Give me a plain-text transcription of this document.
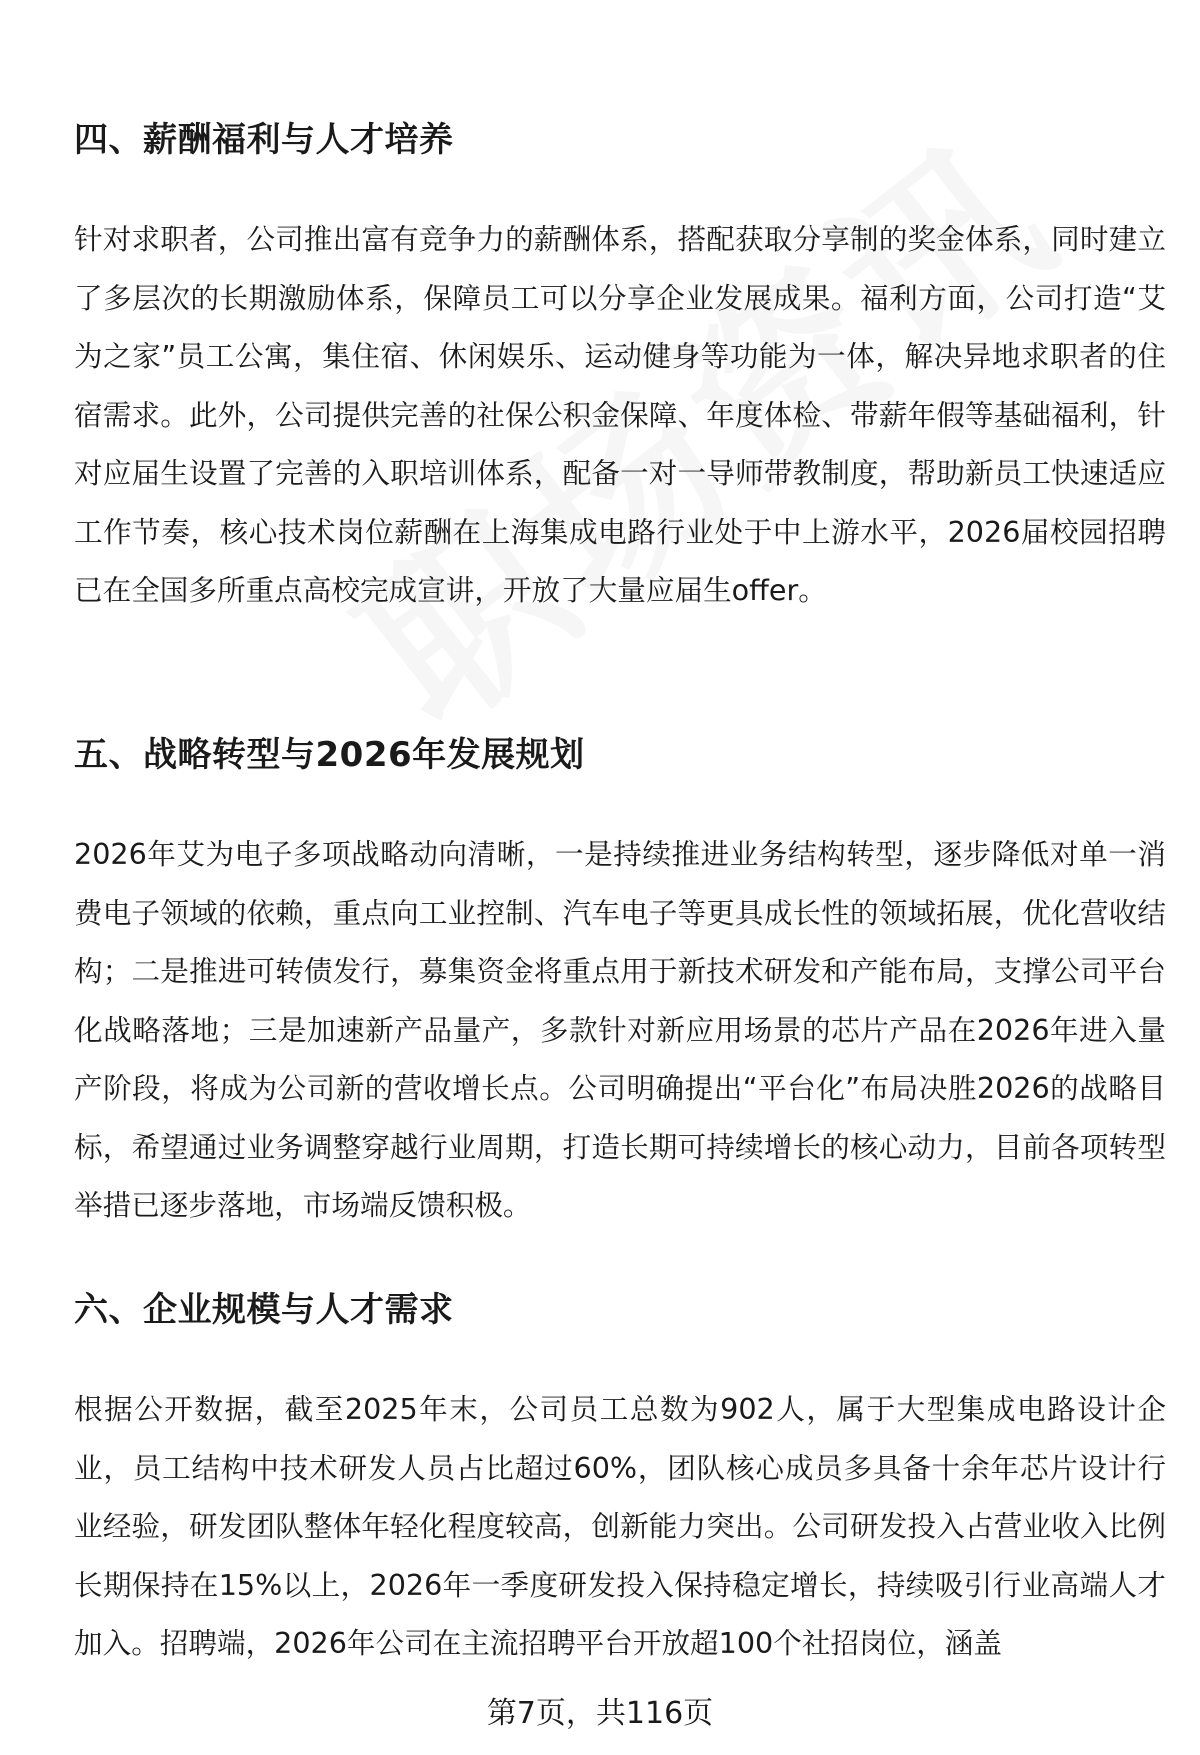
四、薪酬福利与人才培养

针对求职者，公司推出富有竞争力的薪酬体系，搭配获取分享制的奖金体系，同时建立了多层次的长期激励体系，保障员工可以分享企业发展成果。福利方面，公司打造“艾为之家”员工公寓，集住宿、休闲娱乐、运动健身等功能为一体，解决异地求职者的住宿需求。此外，公司提供完善的社保公积金保障、年度体检、带薪年假等基础福利，针对应届生设置了完善的入职培训体系，配备一对一导师带教制度，帮助新员工快速适应工作节奏，核心技术岗位薪酬在上海集成电路行业处于中上游水平，2026届校园招聘已在全国多所重点高校完成宣讲，开放了大量应届生offer。

五、战略转型与2026年发展规划

2026年艾为电子多项战略动向清晰，一是持续推进业务结构转型，逐步降低对单一消费电子领域的依赖，重点向工业控制、汽车电子等更具成长性的领域拓展，优化营收结构；二是推进可转债发行，募集资金将重点用于新技术研发和产能布局，支撑公司平台化战略落地；三是加速新产品量产，多款针对新应用场景的芯片产品在2026年进入量产阶段，将成为公司新的营收增长点。公司明确提出“平台化”布局决胜2026的战略目标，希望通过业务调整穿越行业周期，打造长期可持续增长的核心动力，目前各项转型举措已逐步落地，市场端反馈积极。

六、企业规模与人才需求

根据公开数据，截至2025年末，公司员工总数为902人，属于大型集成电路设计企业，员工结构中技术研发人员占比超过60%，团队核心成员多具备十余年芯片设计行业经验，研发团队整体年轻化程度较高，创新能力突出。公司研发投入占营业收入比例长期保持在15%以上，2026年一季度研发投入保持稳定增长，持续吸引行业高端人才加入。招聘端，2026年公司在主流招聘平台开放超100个社招岗位，涵盖

第7页，共116页
